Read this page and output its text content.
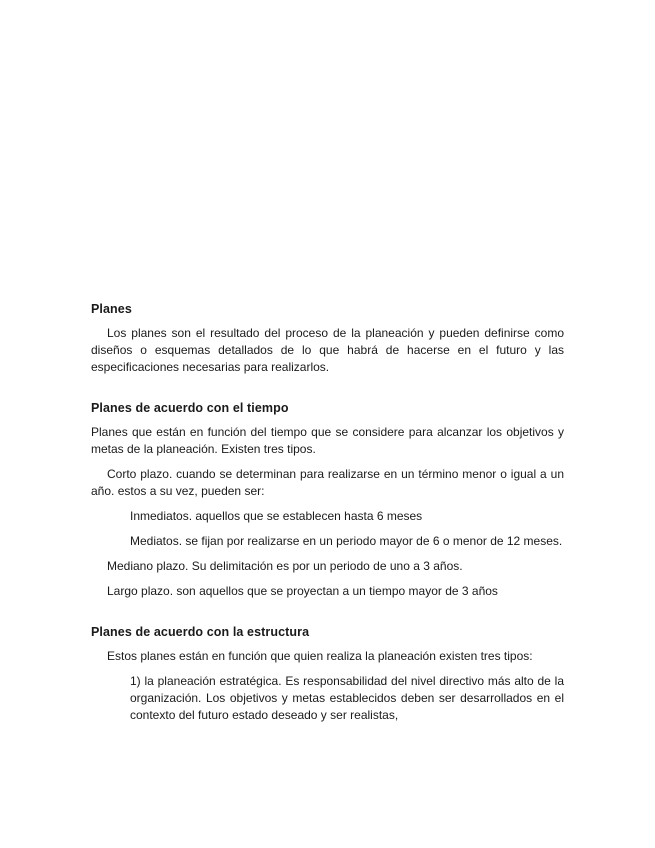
Planes

Los planes son el resultado del proceso de la planeación y pueden definirse como diseños o esquemas detallados de lo que habrá de hacerse en el futuro y las especificaciones necesarias para realizarlos.

Planes de acuerdo con el tiempo

Planes que están en función del tiempo que se considere para alcanzar los objetivos y metas de la planeación. Existen tres tipos.

Corto plazo. cuando se determinan para realizarse en un término menor o igual a un año. estos a su vez, pueden ser:

Inmediatos. aquellos que se establecen hasta 6 meses

Mediatos. se fijan por realizarse en un periodo mayor de 6 o menor de 12 meses.

Mediano plazo. Su delimitación es por un periodo de uno a 3 años.

Largo plazo. son aquellos que se proyectan a un tiempo mayor de 3 años

Planes de acuerdo con la estructura

Estos planes están en función que quien realiza la planeación existen tres tipos:

1) la planeación estratégica. Es responsabilidad del nivel directivo más alto de la organización. Los objetivos y metas establecidos deben ser desarrollados en el contexto del futuro estado deseado y ser realistas,
